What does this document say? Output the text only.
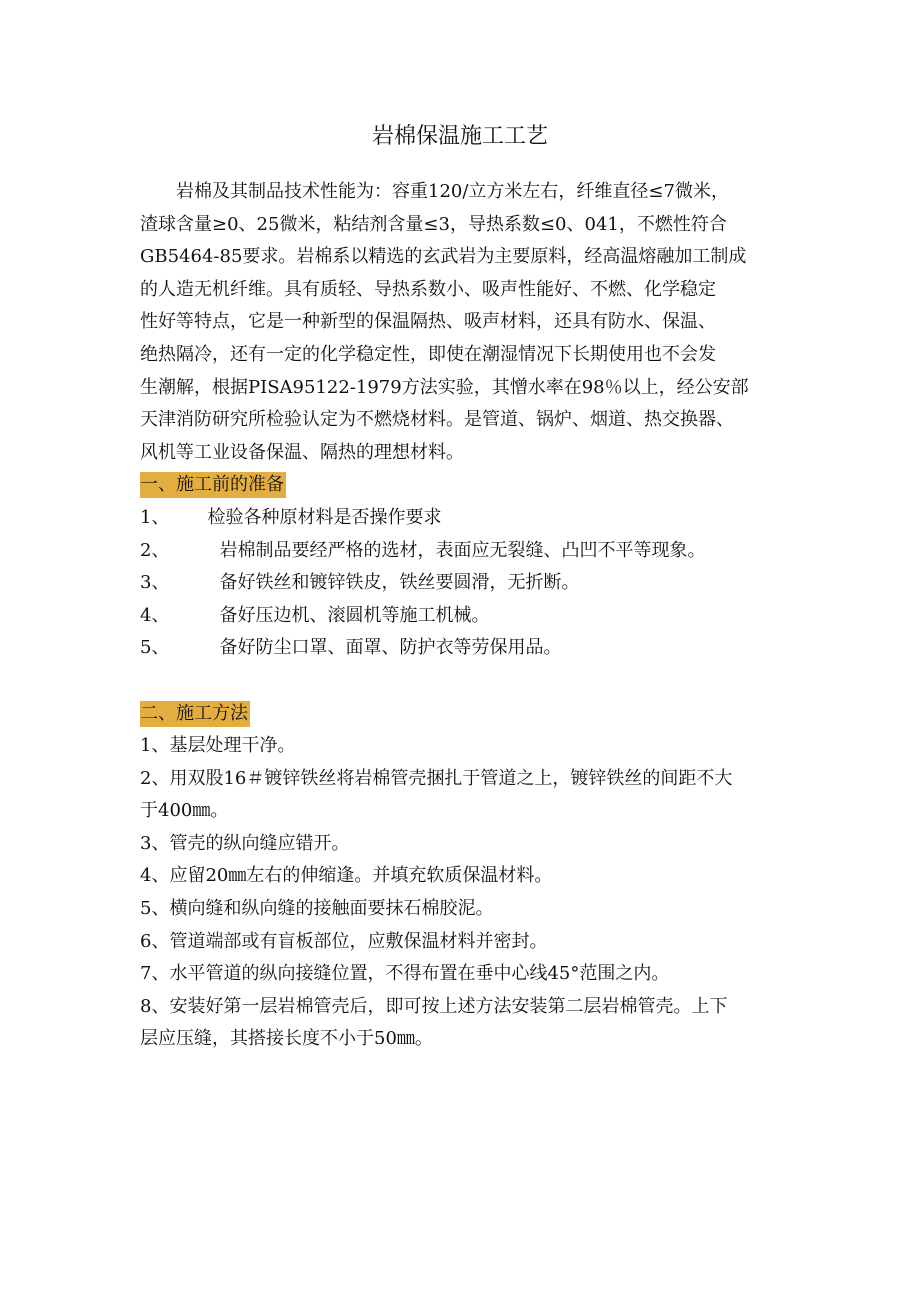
岩棉保温施工工艺
岩棉及其制品技术性能为：容重120/立方米左右，纤维直径≤7微米，
渣球含量≥0、25微米，粘结剂含量≤3，导热系数≤0、041，不燃性符合
GB5464-85要求。岩棉系以精选的玄武岩为主要原料，经高温熔融加工制成
的人造无机纤维。具有质轻、导热系数小、吸声性能好、不燃、化学稳定
性好等特点，它是一种新型的保温隔热、吸声材料，还具有防水、保温、
绝热隔冷，还有一定的化学稳定性，即使在潮湿情况下长期使用也不会发
生潮解，根据PISA95122-1979方法实验，其憎水率在98％以上，经公安部
天津消防研究所检验认定为不燃烧材料。是管道、锅炉、烟道、热交换器、
风机等工业设备保温、隔热的理想材料。
一、施工前的准备
1、 检验各种原材料是否操作要求
2、	岩棉制品要经严格的选材，表面应无裂缝、凸凹不平等现象。
3、	备好铁丝和镀锌铁皮，铁丝要圆滑，无折断。
4、	备好压边机、滚圆机等施工机械。
5、	备好防尘口罩、面罩、防护衣等劳保用品。
二、施工方法
1、基层处理干净。
2、用双股16＃镀锌铁丝将岩棉管壳捆扎于管道之上，镀锌铁丝的间距不大
于400㎜。
3、管壳的纵向缝应错开。
4、应留20㎜左右的伸缩逢。并填充软质保温材料。
5、横向缝和纵向缝的接触面要抹石棉胶泥。
6、管道端部或有盲板部位，应敷保温材料并密封。
7、水平管道的纵向接缝位置，不得布置在垂中心线45°范围之内。
8、安装好第一层岩棉管壳后，即可按上述方法安装第二层岩棉管壳。上下
层应压缝，其搭接长度不小于50㎜。
